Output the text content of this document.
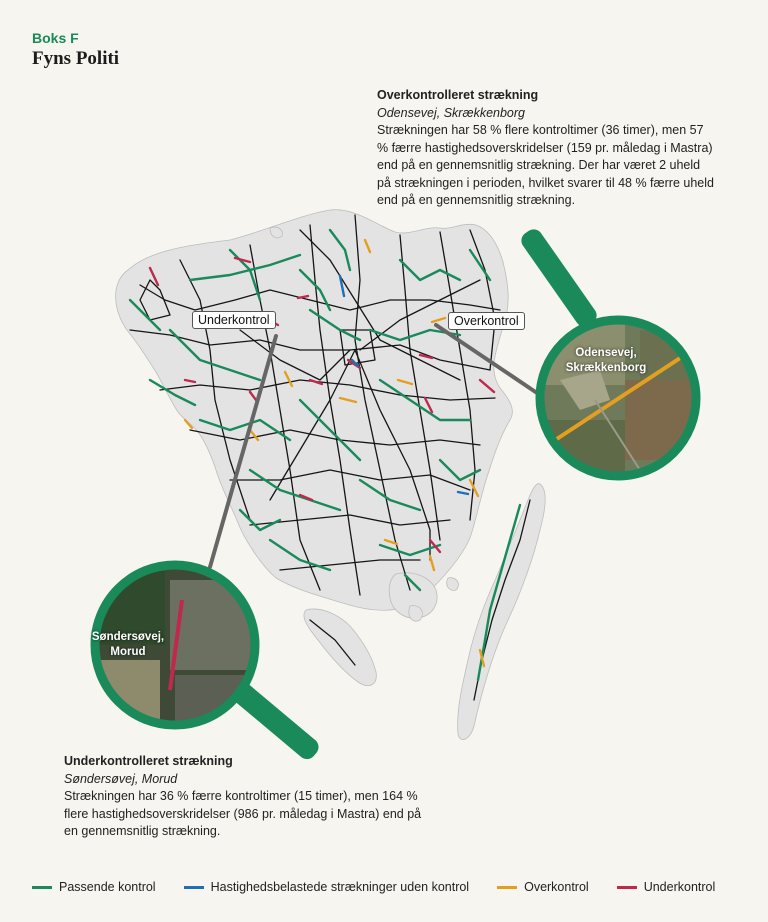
Boks F
Fyns Politi
Overkontrolleret strækning
Odensevej, Skrækkenborg
Strækningen har 58 % flere kontroltimer (36 timer), men 57 % færre hastighedsoverskridelser (159 pr. måledag i Mastra) end på en gennemsnitlig strækning. Der har været 2 uheld på strækningen i perioden, hvilket svarer til 48 % færre uheld end på en gennemsnitlig strækning.
Underkontrol	Overkontrol
Odensevej,
Skrækkenborg
Søndersøvej,
Morud
Underkontrolleret strækning
Søndersøvej, Morud
Strækningen har 36 % færre kontroltimer (15 timer), men 164 % flere hastighedsoverskridelser (986 pr. måledag i Mastra) end på en gennemsnitlig strækning.
Passende kontrol	Hastighedsbelastede strækninger uden kontrol	Overkontrol	Underkontrol
